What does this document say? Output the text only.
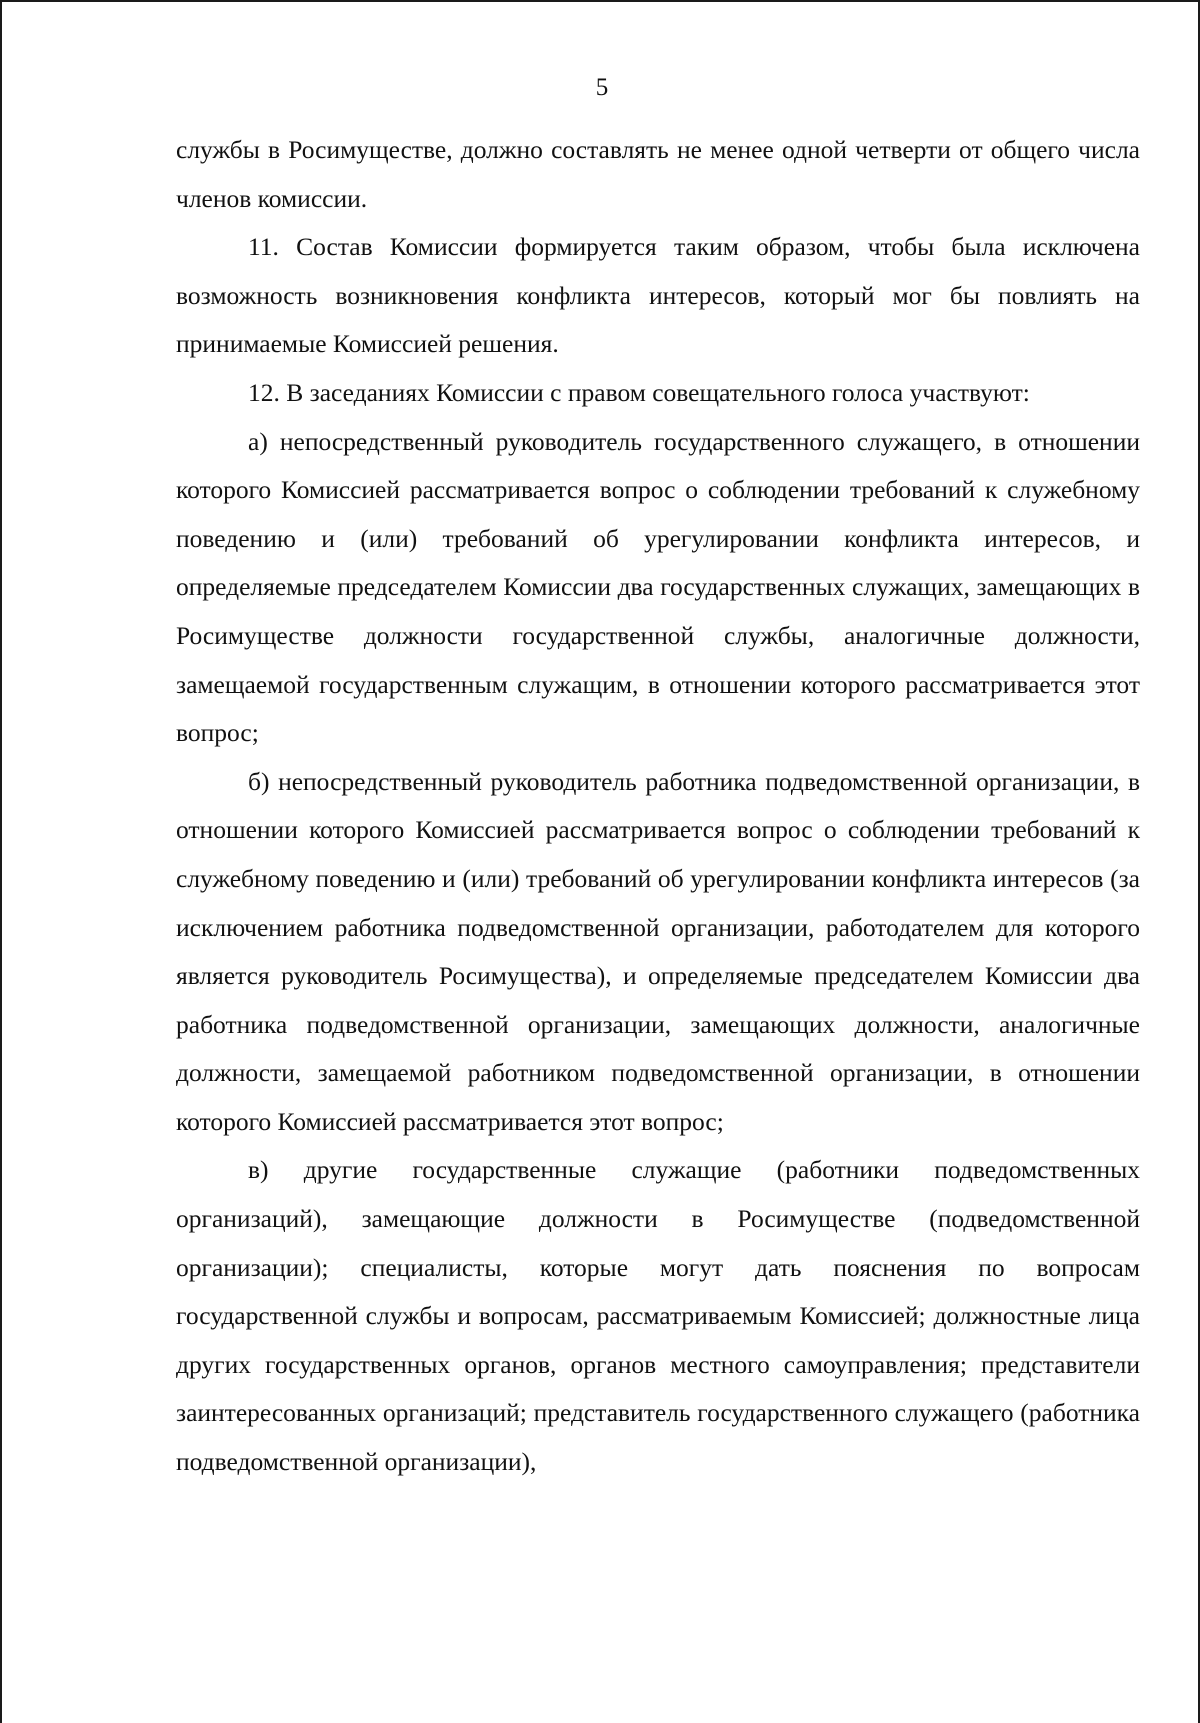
5

службы в Росимуществе, должно составлять не менее одной четверти от общего числа членов комиссии.

11. Состав Комиссии формируется таким образом, чтобы была исключена возможность возникновения конфликта интересов, который мог бы повлиять на принимаемые Комиссией решения.

12. В заседаниях Комиссии с правом совещательного голоса участвуют:

а) непосредственный руководитель государственного служащего, в отношении которого Комиссией рассматривается вопрос о соблюдении требований к служебному поведению и (или) требований об урегулировании конфликта интересов, и определяемые председателем Комиссии два государственных служащих, замещающих в Росимуществе должности государственной службы, аналогичные должности, замещаемой государственным служащим, в отношении которого рассматривается этот вопрос;

б) непосредственный руководитель работника подведомственной организации, в отношении которого Комиссией рассматривается вопрос о соблюдении требований к служебному поведению и (или) требований об урегулировании конфликта интересов (за исключением работника подведомственной организации, работодателем для которого является руководитель Росимущества), и определяемые председателем Комиссии два работника подведомственной организации, замещающих должности, аналогичные должности, замещаемой работником подведомственной организации, в отношении которого Комиссией рассматривается этот вопрос;

в) другие государственные служащие (работники подведомственных организаций), замещающие должности в Росимуществе (подведомственной организации); специалисты, которые могут дать пояснения по вопросам государственной службы и вопросам, рассматриваемым Комиссией; должностные лица других государственных органов, органов местного самоуправления; представители заинтересованных организаций; представитель государственного служащего (работника подведомственной организации),
